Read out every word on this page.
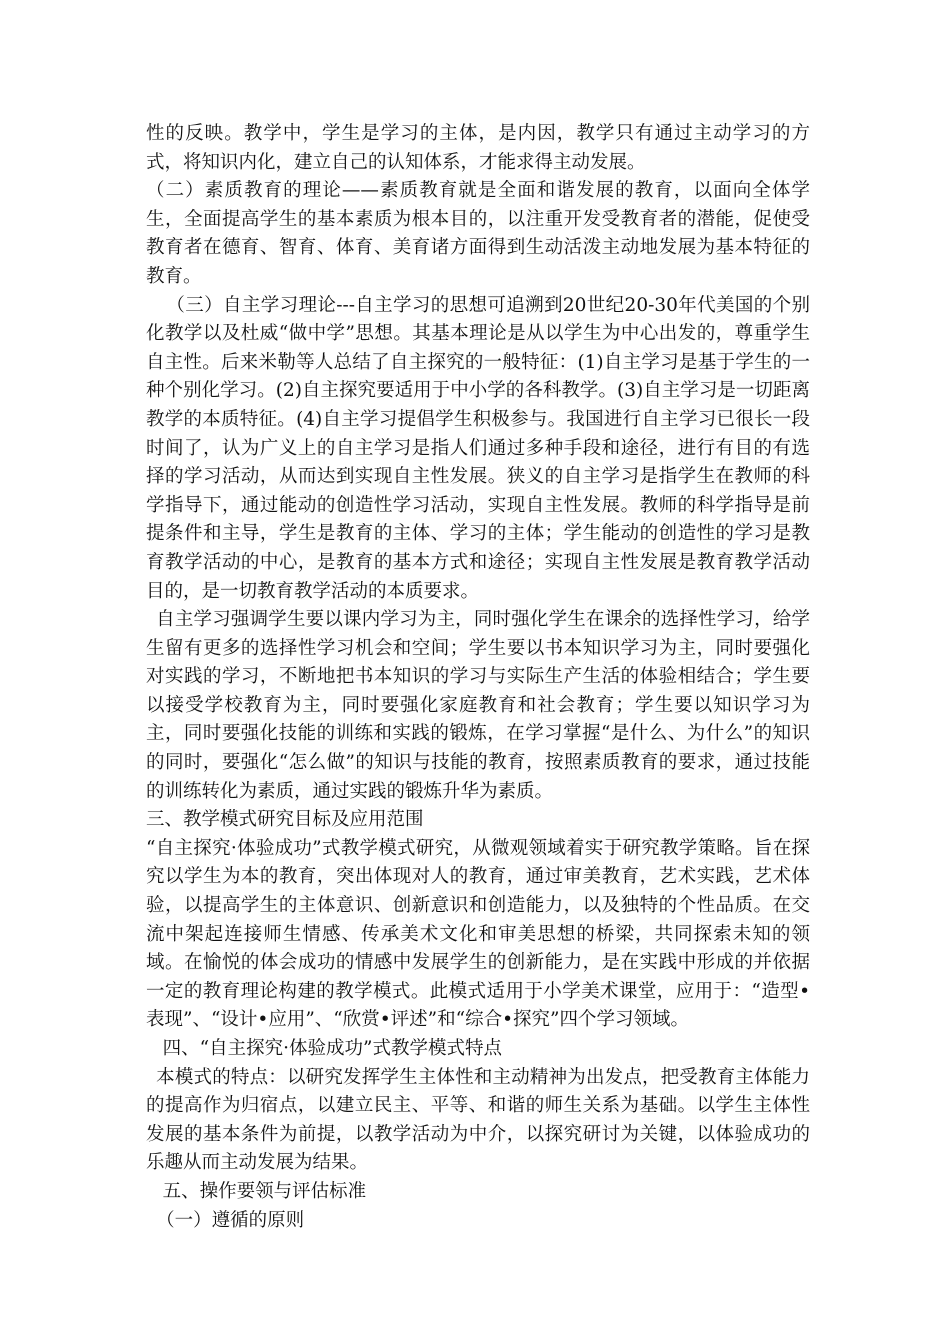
性的反映。教学中，学生是学习的主体，是内因，教学只有通过主动学习的方式，将知识内化，建立自己的认知体系，才能求得主动发展。

（二）素质教育的理论——素质教育就是全面和谐发展的教育，以面向全体学生，全面提高学生的基本素质为根本目的，以注重开发受教育者的潜能，促使受教育者在德育、智育、体育、美育诸方面得到生动活泼主动地发展为基本特征的教育。

（三）自主学习理论---自主学习的思想可追溯到20世纪20-30年代美国的个别化教学以及杜威“做中学”思想。其基本理论是从以学生为中心出发的，尊重学生自主性。后来米勒等人总结了自主探究的一般特征：(1)自主学习是基于学生的一种个别化学习。(2)自主探究要适用于中小学的各科教学。(3)自主学习是一切距离教学的本质特征。(4)自主学习提倡学生积极参与。我国进行自主学习已很长一段时间了，认为广义上的自主学习是指人们通过多种手段和途径，进行有目的有选择的学习活动，从而达到实现自主性发展。狭义的自主学习是指学生在教师的科学指导下，通过能动的创造性学习活动，实现自主性发展。教师的科学指导是前提条件和主导，学生是教育的主体、学习的主体；学生能动的创造性的学习是教育教学活动的中心，是教育的基本方式和途径；实现自主性发展是教育教学活动目的，是一切教育教学活动的本质要求。

自主学习强调学生要以课内学习为主，同时强化学生在课余的选择性学习，给学生留有更多的选择性学习机会和空间；学生要以书本知识学习为主，同时要强化对实践的学习，不断地把书本知识的学习与实际生产生活的体验相结合；学生要以接受学校教育为主，同时要强化家庭教育和社会教育；学生要以知识学习为主，同时要强化技能的训练和实践的锻炼，在学习掌握“是什么、为什么”的知识的同时，要强化“怎么做”的知识与技能的教育，按照素质教育的要求，通过技能的训练转化为素质，通过实践的锻炼升华为素质。

三、教学模式研究目标及应用范围

“自主探究·体验成功”式教学模式研究，从微观领域着实于研究教学策略。旨在探究以学生为本的教育，突出体现对人的教育，通过审美教育，艺术实践，艺术体验，以提高学生的主体意识、创新意识和创造能力，以及独特的个性品质。在交流中架起连接师生情感、传承美术文化和审美思想的桥梁，共同探索未知的领域。在愉悦的体会成功的情感中发展学生的创新能力，是在实践中形成的并依据一定的教育理论构建的教学模式。此模式适用于小学美术课堂，应用于：“造型•表现”、“设计•应用”、“欣赏•评述”和“综合•探究”四个学习领域。

四、“自主探究·体验成功”式教学模式特点

本模式的特点：以研究发挥学生主体性和主动精神为出发点，把受教育主体能力的提高作为归宿点，以建立民主、平等、和谐的师生关系为基础。以学生主体性发展的基本条件为前提，以教学活动为中介，以探究研讨为关键，以体验成功的乐趣从而主动发展为结果。

五、操作要领与评估标准

（一）遵循的原则
